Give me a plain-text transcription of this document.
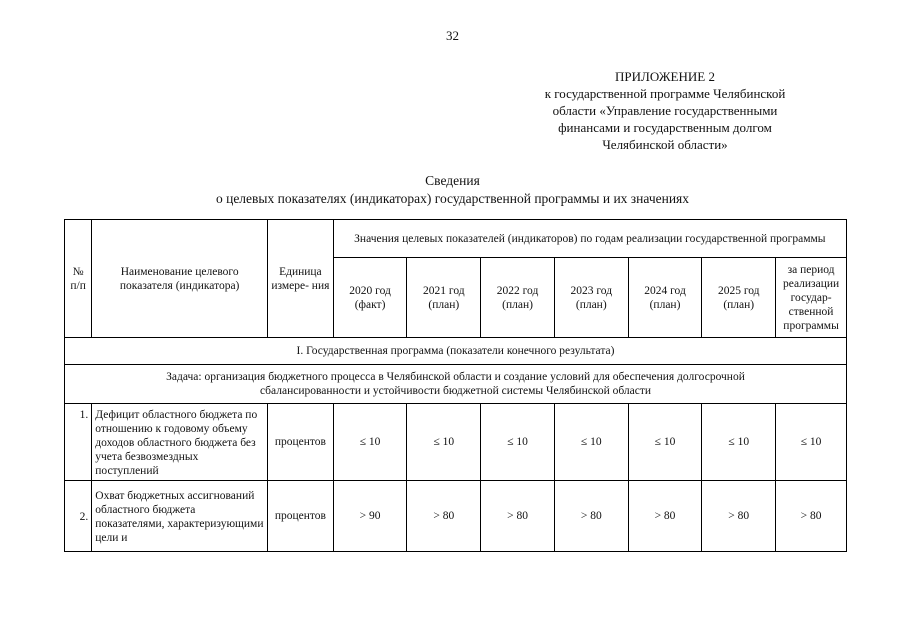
32
ПРИЛОЖЕНИЕ 2
к государственной программе Челябинской
области «Управление государственными
финансами и государственным долгом
Челябинской области»
Сведения
о целевых показателях (индикаторах) государственной программы и их значениях
№ п/п	Наименование целевого показателя (индикатора)	Единица измере- ния	Значения целевых показателей (индикаторов) по годам реализации государственной программы						
			2020 год (факт)	2021 год (план)	2022 год (план)	2023 год (план)	2024 год (план)	2025 год (план)	за период реализации государ- ственной программы
I. Государственная программа (показатели конечного результата)									
Задача: организация бюджетного процесса в Челябинской области и создание условий для обеспечения долгосрочной сбалансированности и устойчивости бюджетной системы Челябинской области									
1.	Дефицит областного бюджета по отношению к годовому объему доходов областного бюджета без учета безвозмездных поступлений	процентов	≤ 10	≤ 10	≤ 10	≤ 10	≤ 10	≤ 10	≤ 10
2.	Охват бюджетных ассигнований областного бюджета показателями, характеризующими цели и	процентов	> 90	> 80	> 80	> 80	> 80	> 80	> 80
